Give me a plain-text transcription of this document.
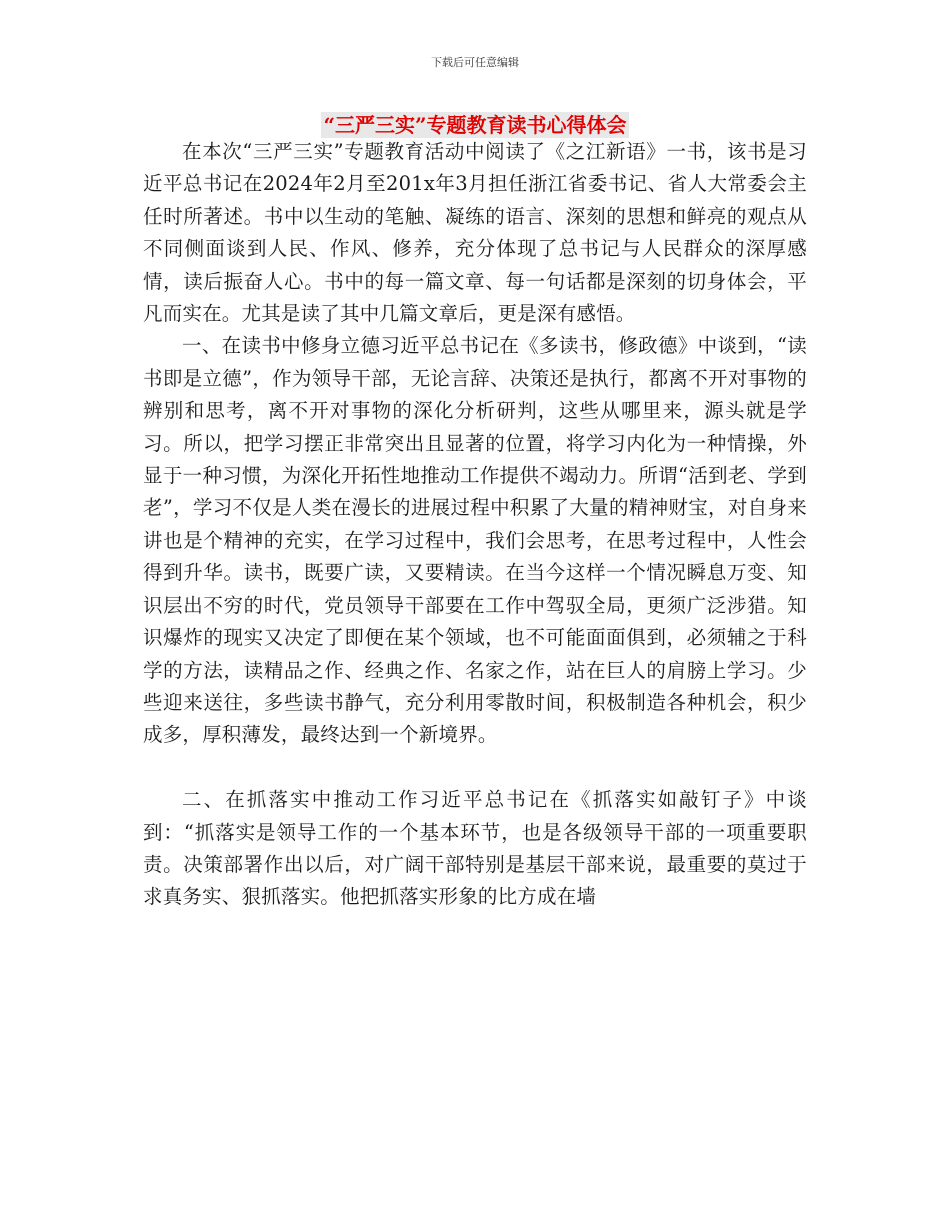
下载后可任意编辑
“三严三实”专题教育读书心得体会

在本次“三严三实”专题教育活动中阅读了《之江新语》一书，该书是习近平总书记在2024年2月至201x年3月担任浙江省委书记、省人大常委会主任时所著述。书中以生动的笔触、凝练的语言、深刻的思想和鲜亮的观点从不同侧面谈到人民、作风、修养，充分体现了总书记与人民群众的深厚感情，读后振奋人心。书中的每一篇文章、每一句话都是深刻的切身体会，平凡而实在。尤其是读了其中几篇文章后，更是深有感悟。

一、在读书中修身立德习近平总书记在《多读书，修政德》中谈到，“读书即是立德”，作为领导干部，无论言辞、决策还是执行，都离不开对事物的辨别和思考，离不开对事物的深化分析研判，这些从哪里来，源头就是学习。所以，把学习摆正非常突出且显著的位置，将学习内化为一种情操，外显于一种习惯，为深化开拓性地推动工作提供不竭动力。所谓“活到老、学到老”，学习不仅是人类在漫长的进展过程中积累了大量的精神财宝，对自身来讲也是个精神的充实，在学习过程中，我们会思考，在思考过程中，人性会得到升华。读书，既要广读，又要精读。在当今这样一个情况瞬息万变、知识层出不穷的时代，党员领导干部要在工作中驾驭全局，更须广泛涉猎。知识爆炸的现实又决定了即便在某个领域，也不可能面面俱到，必须辅之于科学的方法，读精品之作、经典之作、名家之作，站在巨人的肩膀上学习。少些迎来送往，多些读书静气，充分利用零散时间，积极制造各种机会，积少成多，厚积薄发，最终达到一个新境界。

二、在抓落实中推动工作习近平总书记在《抓落实如敲钉子》中谈到：“抓落实是领导工作的一个基本环节，也是各级领导干部的一项重要职责。决策部署作出以后，对广阔干部特别是基层干部来说，最重要的莫过于求真务实、狠抓落实。他把抓落实形象的比方成在墙
